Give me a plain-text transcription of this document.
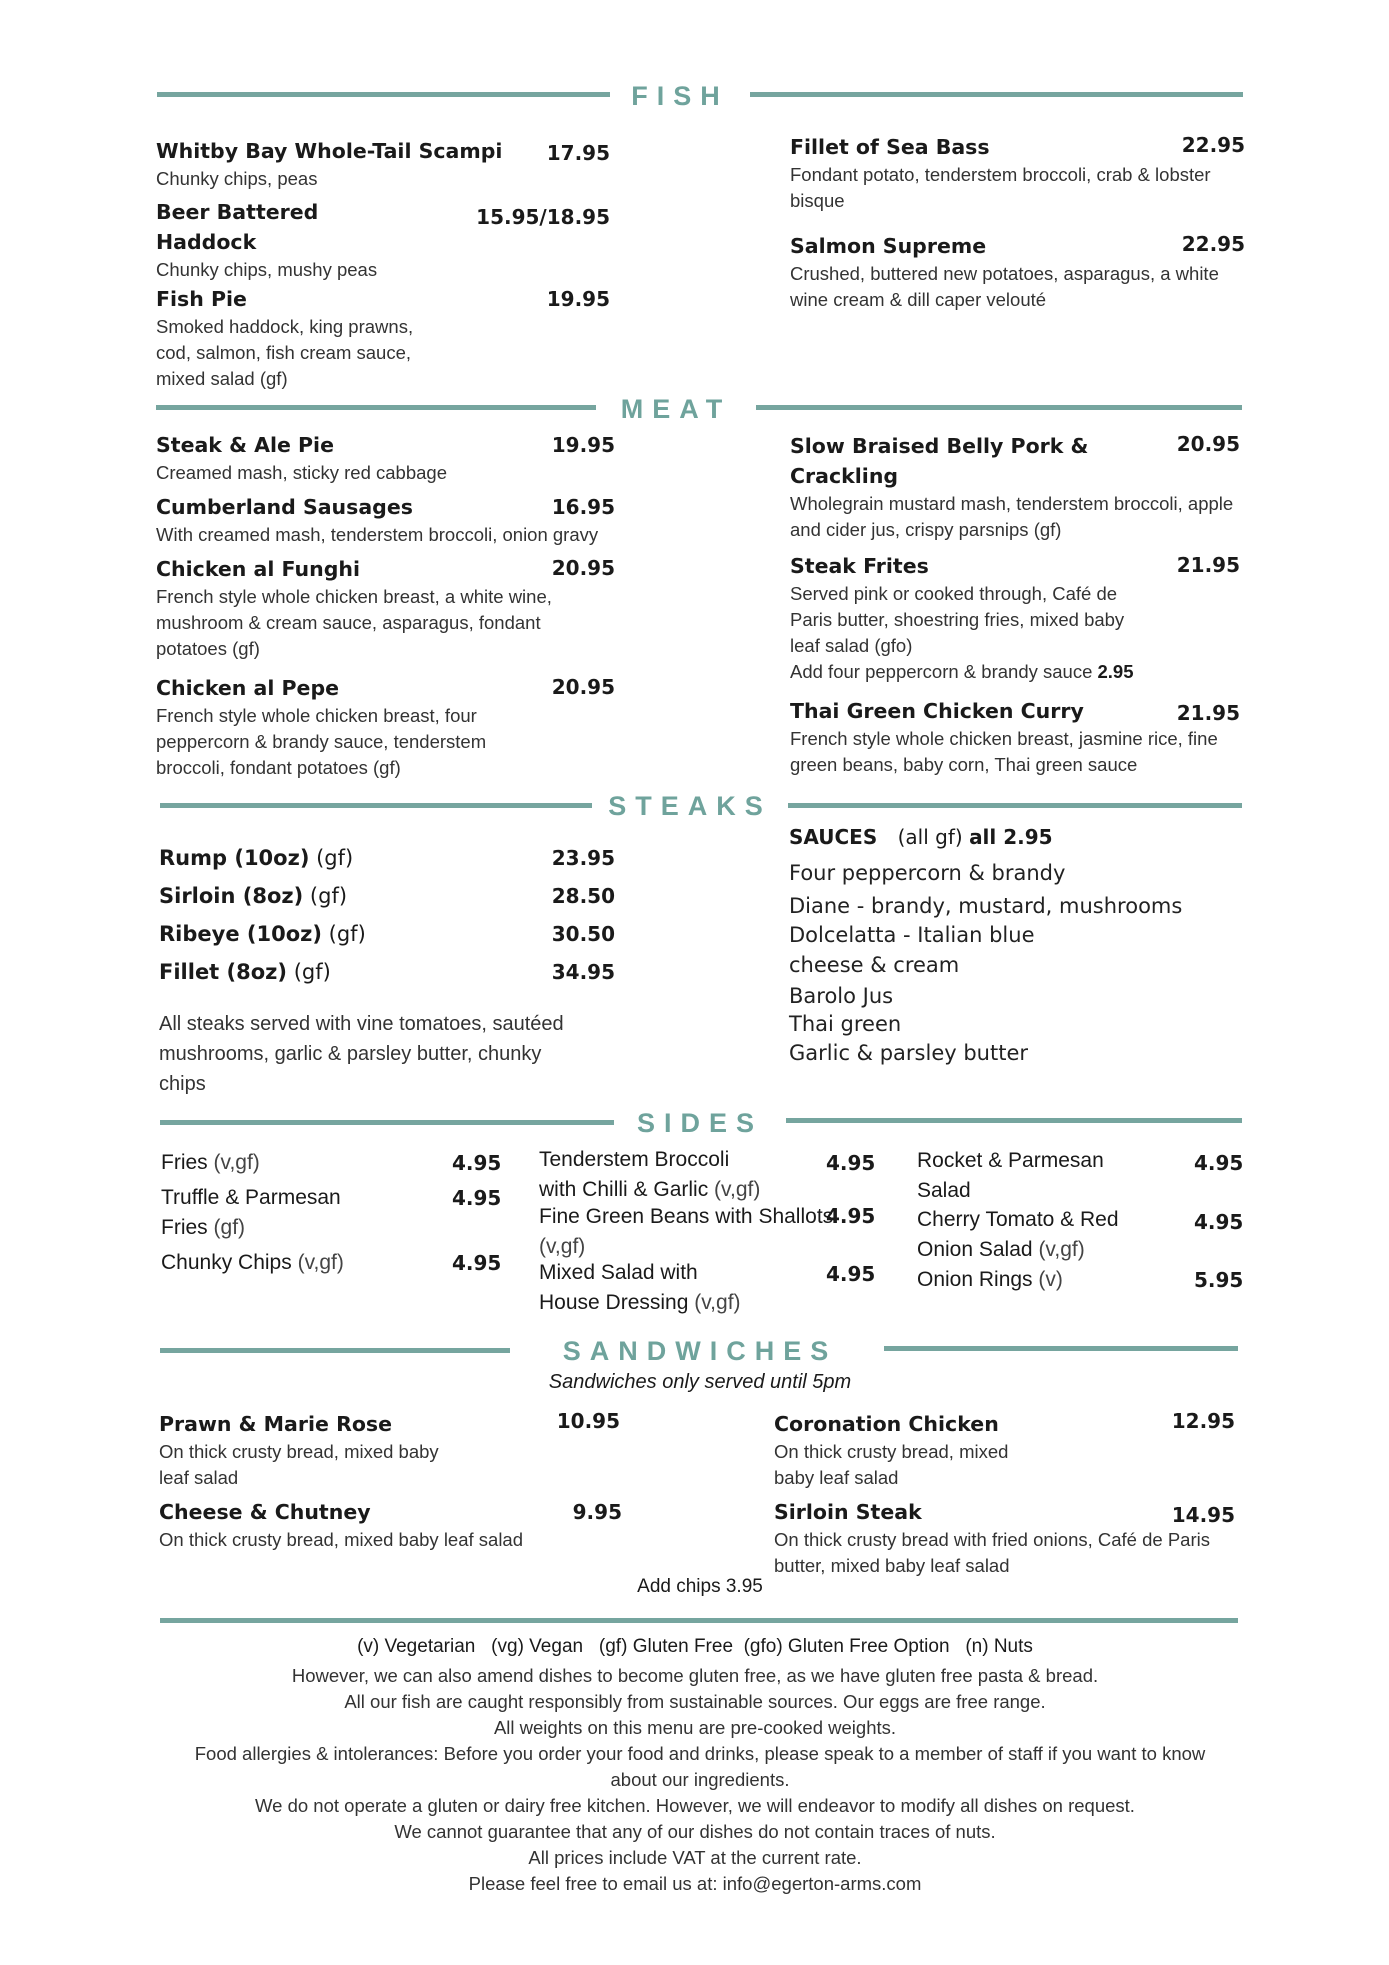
FISH
Whitby Bay Whole-Tail Scampi
Chunky chips, peas
17.95
Beer Battered Haddock
Chunky chips, mushy peas
15.95/18.95
Fish Pie
Smoked haddock, king prawns, cod, salmon, fish cream sauce, mixed salad (gf)
19.95
Fillet of Sea Bass
Fondant potato, tenderstem broccoli, crab & lobster bisque
22.95
Salmon Supreme
Crushed, buttered new potatoes, asparagus, a white wine cream & dill caper velouté
22.95
MEAT
Steak & Ale Pie
Creamed mash, sticky red cabbage
19.95
Cumberland Sausages
With creamed mash, tenderstem broccoli, onion gravy
16.95
Chicken al Funghi
French style whole chicken breast, a white wine, mushroom & cream sauce, asparagus, fondant potatoes (gf)
20.95
Chicken al Pepe
French style whole chicken breast, four peppercorn & brandy sauce, tenderstem broccoli, fondant potatoes (gf)
20.95
Slow Braised Belly Pork & Crackling
Wholegrain mustard mash, tenderstem broccoli, apple and cider jus, crispy parsnips (gf)
20.95
Steak Frites
Served pink or cooked through, Café de Paris butter, shoestring fries, mixed baby leaf salad (gfo)
Add four peppercorn & brandy sauce 2.95
21.95
Thai Green Chicken Curry
French style whole chicken breast, jasmine rice, fine green beans, baby corn, Thai green sauce
21.95
STEAKS
Rump (10oz) (gf)	23.95
Sirloin (8oz) (gf)	28.50
Ribeye (10oz) (gf)	30.50
Fillet (8oz) (gf)	34.95
All steaks served with vine tomatoes, sautéed mushrooms, garlic & parsley butter, chunky chips
SAUCES (all gf) all 2.95
Four peppercorn & brandy
Diane - brandy, mustard, mushrooms
Dolcelatta - Italian blue
cheese & cream
Barolo Jus
Thai green
Garlic & parsley butter
SIDES
Fries (v,gf)	4.95
Truffle & Parmesan
Fries (gf)
4.95
Chunky Chips (v,gf)	4.95
Tenderstem Broccoli
with Chilli & Garlic (v,gf)
4.95
Fine Green Beans with Shallots
(v,gf)
4.95
Mixed Salad with
House Dressing (v,gf)
4.95
Rocket & Parmesan
Salad
4.95
Cherry Tomato & Red
Onion Salad (v,gf)
4.95
Onion Rings (v)	5.95
SANDWICHES
Sandwiches only served until 5pm
Prawn & Marie Rose
On thick crusty bread, mixed baby leaf salad
10.95
Cheese & Chutney
On thick crusty bread, mixed baby leaf salad
9.95
Coronation Chicken
On thick crusty bread, mixed baby leaf salad
12.95
Sirloin Steak
On thick crusty bread with fried onions, Café de Paris butter, mixed baby leaf salad
14.95
Add chips 3.95
(v) Vegetarian   (vg) Vegan   (gf) Gluten Free  (gfo) Gluten Free Option   (n) Nuts
However, we can also amend dishes to become gluten free, as we have gluten free pasta & bread.
All our fish are caught responsibly from sustainable sources. Our eggs are free range.
All weights on this menu are pre-cooked weights.
Food allergies & intolerances: Before you order your food and drinks, please speak to a member of staff if you want to know about our ingredients.
We do not operate a gluten or dairy free kitchen. However, we will endeavor to modify all dishes on request.
We cannot guarantee that any of our dishes do not contain traces of nuts.
All prices include VAT at the current rate.
Please feel free to email us at: info@egerton-arms.com
